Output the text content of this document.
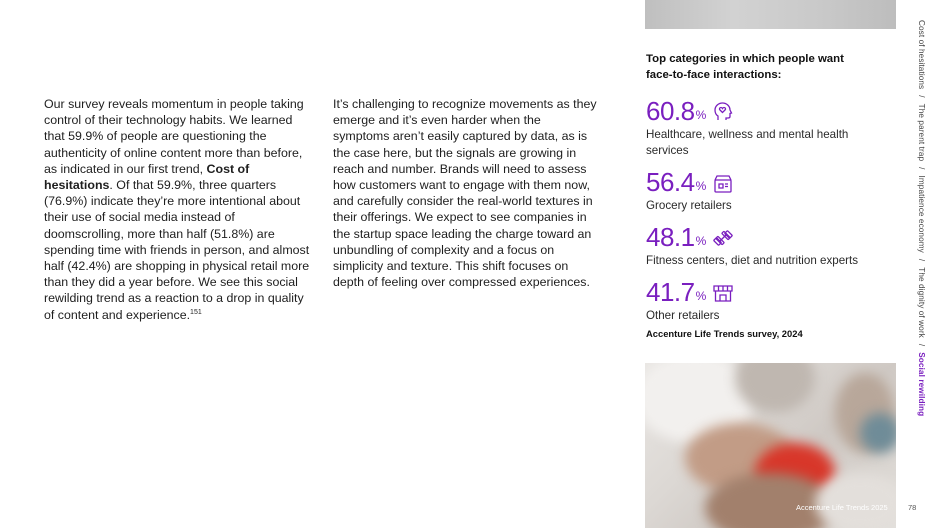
Our survey reveals momentum in people taking control of their technology habits. We learned that 59.9% of people are questioning the authenticity of online content more than before, as indicated in our first trend, Cost of hesitations. Of that 59.9%, three quarters (76.9%) indicate they’re more intentional about their use of social media instead of doomscrolling, more than half (51.8%) are spending time with friends in person, and almost half (42.4%) are shopping in physical retail more than they did a year before. We see this social rewilding trend as a reaction to a drop in quality of content and experience.$^{151}$
It’s challenging to recognize movements as they emerge and it’s even harder when the symptoms aren’t easily captured by data, as is the case here, but the signals are growing in reach and number. Brands will need to assess how customers want to engage with them now, and carefully consider the real-world textures in their offerings. We expect to see companies in the startup space leading the charge toward an unbundling of complexity and a focus on simplicity and texture. This shift focuses on depth of feeling over compressed experiences.
Top categories in which people want face-to-face interactions:
60.8 %
Healthcare, wellness and mental health services
56.4 %
Grocery retailers
48.1 %
Fitness centers, diet and nutrition experts
41.7 %
Other retailers
Accenture Life Trends survey, 2024
Accenture Life Trends 2025	78
Cost of hesitations/The parent trap/Impatience economy/The dignity of work/Social rewilding
